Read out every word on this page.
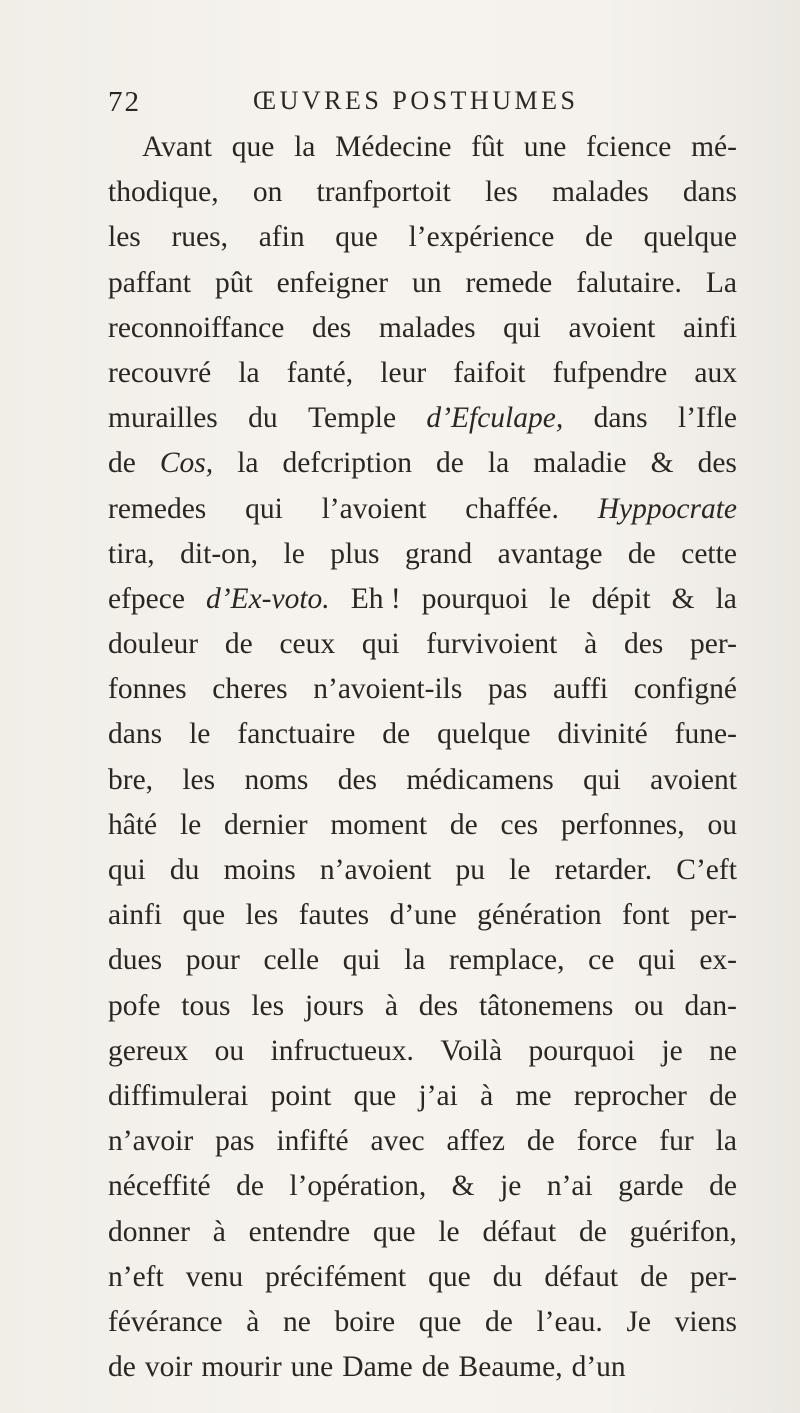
72	ŒUVRES POSTHUMES
Avant que la Médecine fût une fcience mé-
thodique, on tranfportoit les malades dans
les rues, afin que l’expérience de quelque
paffant pût enfeigner un remede falutaire. La
reconnoiffance des malades qui avoient ainfi
recouvré la fanté, leur faifoit fufpendre aux
murailles du Temple d’Efculape, dans l’Ifle
de Cos, la defcription de la maladie & des
remedes qui l’avoient chaffée. Hyppocrate
tira, dit-on, le plus grand avantage de cette
efpece d’Ex-voto. Eh ! pourquoi le dépit & la
douleur de ceux qui furvivoient à des per-
fonnes cheres n’avoient-ils pas auffi configné
dans le fanctuaire de quelque divinité fune-
bre, les noms des médicamens qui avoient
hâté le dernier moment de ces perfonnes, ou
qui du moins n’avoient pu le retarder. C’eft
ainfi que les fautes d’une génération font per-
dues pour celle qui la remplace, ce qui ex-
pofe tous les jours à des tâtonemens ou dan-
gereux ou infructueux. Voilà pourquoi je ne
diffimulerai point que j’ai à me reprocher de
n’avoir pas infifté avec affez de force fur la
néceffité de l’opération, & je n’ai garde de
donner à entendre que le défaut de guérifon,
n’eft venu précifément que du défaut de per-
févérance à ne boire que de l’eau. Je viens
de voir mourir une Dame de Beaume, d’un
